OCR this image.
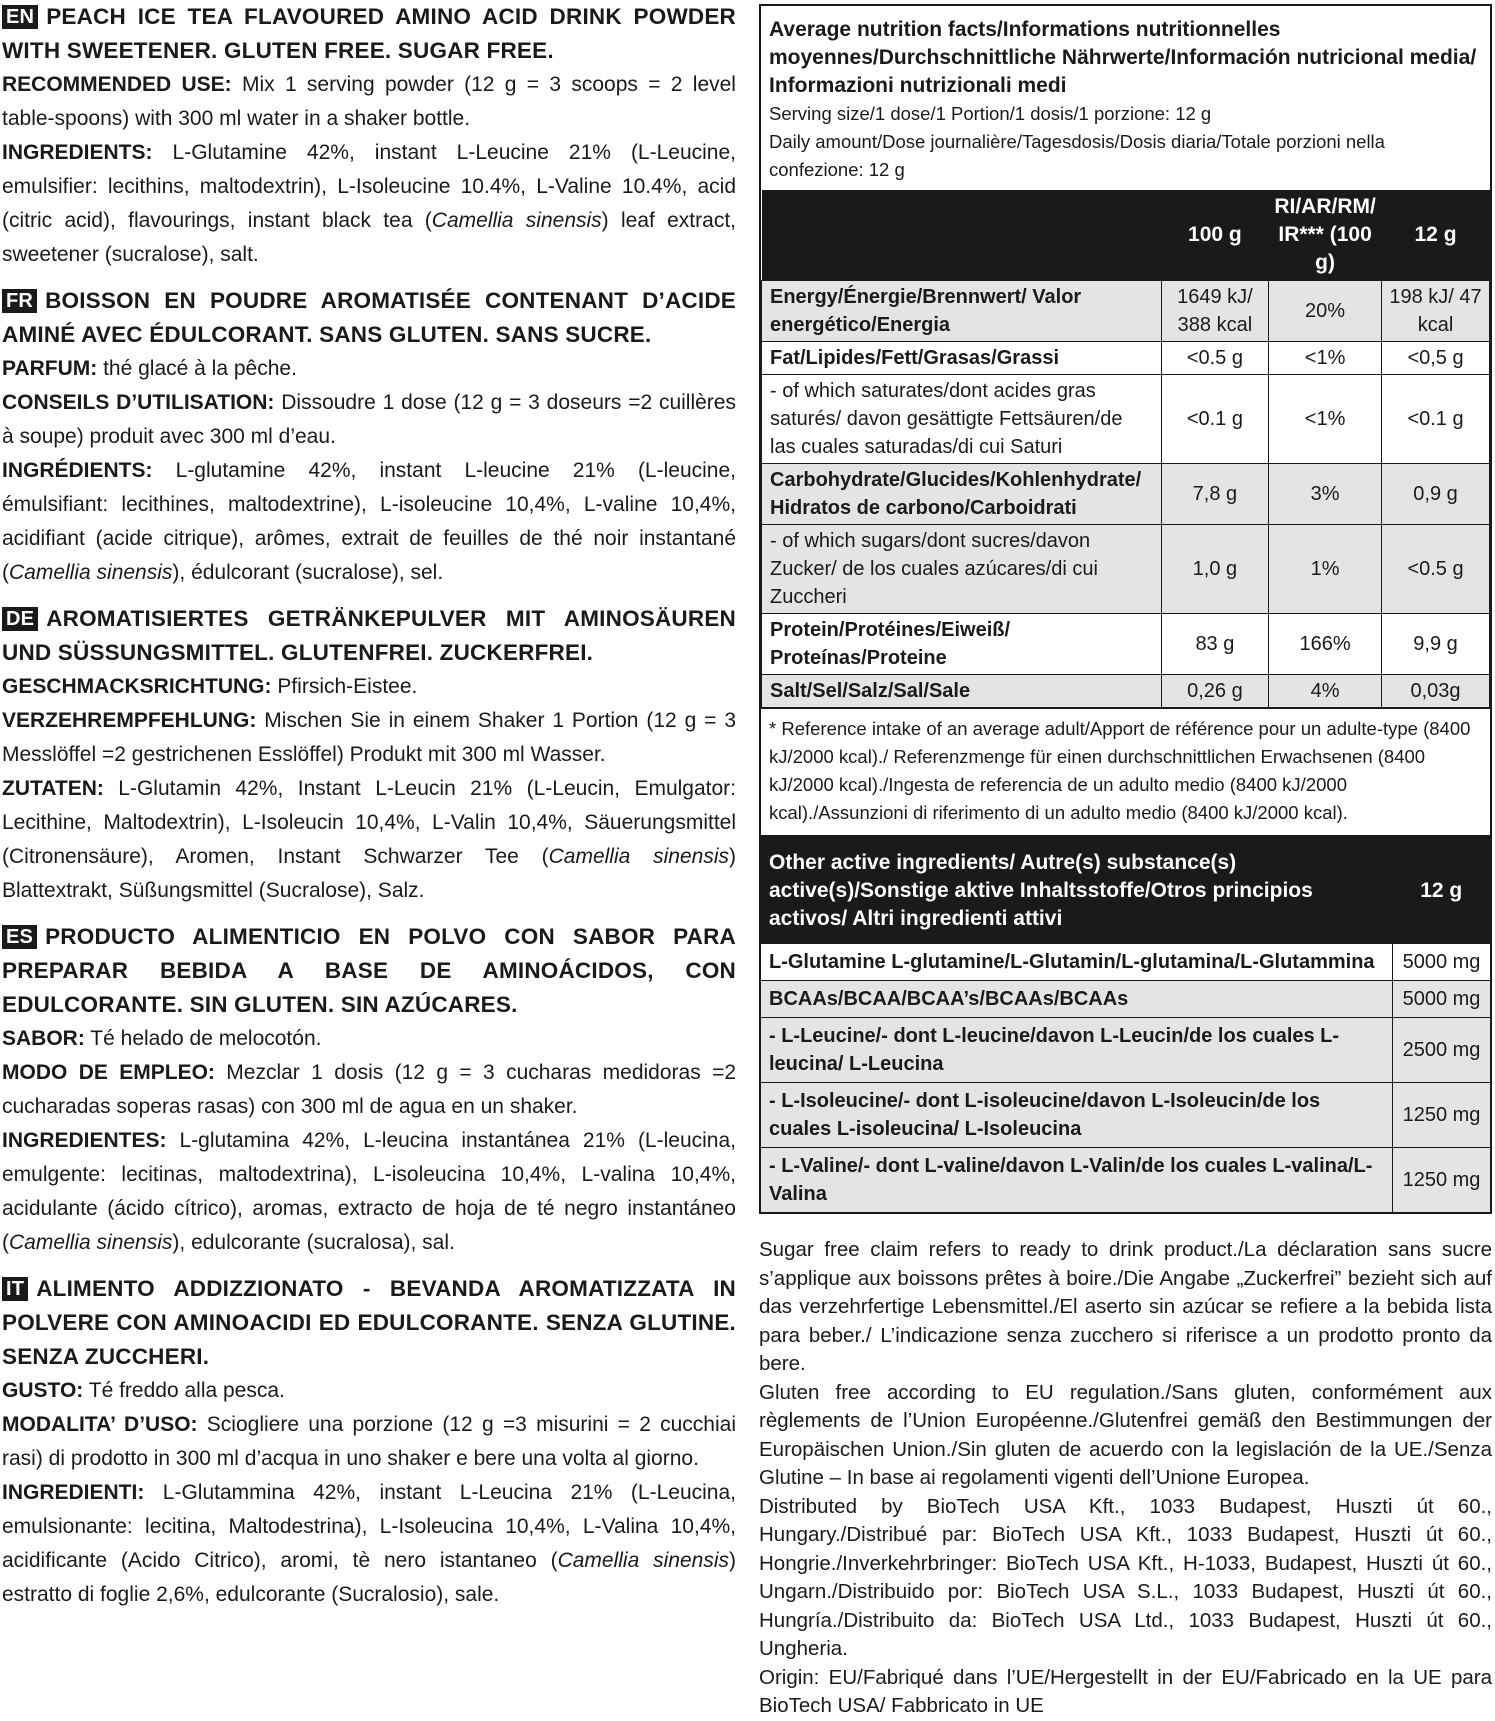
EN PEACH ICE TEA FLAVOURED AMINO ACID DRINK POWDER WITH SWEETENER. GLUTEN FREE. SUGAR FREE.
RECOMMENDED USE: Mix 1 serving powder (12 g = 3 scoops = 2 level table-spoons) with 300 ml water in a shaker bottle.
INGREDIENTS: L-Glutamine 42%, instant L-Leucine 21% (L-Leucine, emulsifier: lecithins, maltodextrin), L-Isoleucine 10.4%, L-Valine 10.4%, acid (citric acid), flavourings, instant black tea (Camellia sinensis) leaf extract, sweetener (sucralose), salt.
FR BOISSON EN POUDRE AROMATISÉE CONTENANT D’ACIDE AMINÉ AVEC ÉDULCORANT. SANS GLUTEN. SANS SUCRE.
PARFUM: thé glacé à la pêche.
CONSEILS D’UTILISATION: Dissoudre 1 dose (12 g = 3 doseurs =2 cuillères à soupe) produit avec 300 ml d’eau.
INGRÉDIENTS: L-glutamine 42%, instant L-leucine 21% (L-leucine, émulsifiant: lecithines, maltodextrine), L-isoleucine 10,4%, L-valine 10,4%, acidifiant (acide citrique), arômes, extrait de feuilles de thé noir instantané (Camellia sinensis), édulcorant (sucralose), sel.
DE AROMATISIERTES GETRÄNKEPULVER MIT AMINOSÄUREN UND SÜSSUNGSMITTEL. GLUTENFREI. ZUCKERFREI.
GESCHMACKSRICHTUNG: Pfirsich-Eistee.
VERZEHREMPFEHLUNG: Mischen Sie in einem Shaker 1 Portion (12 g = 3 Messlöffel =2 gestrichenen Esslöffel) Produkt mit 300 ml Wasser.
ZUTATEN: L-Glutamin 42%, Instant L-Leucin 21% (L-Leucin, Emulgator: Lecithine, Maltodextrin), L-Isoleucin 10,4%, L-Valin 10,4%, Säuerungsmittel (Citronensäure), Aromen, Instant Schwarzer Tee (Camellia sinensis) Blattextrakt, Süßungsmittel (Sucralose), Salz.
ES PRODUCTO ALIMENTICIO EN POLVO CON SABOR PARA PREPARAR BEBIDA A BASE DE AMINOÁCIDOS, CON EDULCORANTE. SIN GLUTEN. SIN AZÚCARES.
SABOR: Té helado de melocotón.
MODO DE EMPLEO: Mezclar 1 dosis (12 g = 3 cucharas medidoras =2 cucharadas soperas rasas) con 300 ml de agua en un shaker.
INGREDIENTES: L-glutamina 42%, L-leucina instantánea 21% (L-leucina, emulgente: lecitinas, maltodextrina), L-isoleucina 10,4%, L-valina 10,4%, acidulante (ácido cítrico), aromas, extracto de hoja de té negro instantáneo (Camellia sinensis), edulcorante (sucralosa), sal.
IT ALIMENTO ADDIZZIONATO - BEVANDA AROMATIZZATA IN POLVERE CON AMINOACIDI ED EDULCORANTE. SENZA GLUTINE. SENZA ZUCCHERI.
GUSTO: Té freddo alla pesca.
MODALITA’ D’USO: Sciogliere una porzione (12 g =3 misurini = 2 cucchiai rasi) di prodotto in 300 ml d’acqua in uno shaker e bere una volta al giorno.
INGREDIENTI: L-Glutammina 42%, instant L-Leucina 21% (L-Leucina, emulsionante: lecitina, Maltodestrina), L-Isoleucina 10,4%, L-Valina 10,4%, acidificante (Acido Citrico), aromi, tè nero istantaneo (Camellia sinensis) estratto di foglie 2,6%, edulcorante (Sucralosio), sale.
Average nutrition facts/Informations nutritionnelles moyennes/Durchschnittliche Nährwerte/Información nutricional media/ Informazioni nutrizionali medi
Serving size/1 dose/1 Portion/1 dosis/1 porzione: 12 g
Daily amount/Dose journalière/Tagesdosis/Dosis diaria/Totale porzioni nella confezione: 12 g
	100 g	RI/AR/RM/ IR*** (100 g)	12 g
Energy/Énergie/Brennwert/ Valor energético/Energia	1649 kJ/ 388 kcal	20%	198 kJ/ 47 kcal
Fat/Lipides/Fett/Grasas/Grassi	<0.5 g	<1%	<0,5 g
- of which saturates/dont acides gras saturés/ davon gesättigte Fettsäuren/de las cuales saturadas/di cui Saturi	<0.1 g	<1%	<0.1 g
Carbohydrate/Glucides/Kohlenhydrate/ Hidratos de carbono/Carboidrati	7,8 g	3%	0,9 g
- of which sugars/dont sucres/davon Zucker/ de los cuales azúcares/di cui Zuccheri	1,0 g	1%	<0.5 g
Protein/Protéines/Eiweiß/ Proteínas/Proteine	83 g	166%	9,9 g
Salt/Sel/Salz/Sal/Sale	0,26 g	4%	0,03g
* Reference intake of an average adult/Apport de référence pour un adulte-type (8400 kJ/2000 kcal)./ Referenzmenge für einen durchschnittlichen Erwachsenen (8400 kJ/2000 kcal)./Ingesta de referencia de un adulto medio (8400 kJ/2000 kcal)./Assunzioni di riferimento di un adulto medio (8400 kJ/2000 kcal).
Other active ingredients/ Autre(s) substance(s) active(s)/Sonstige aktive Inhaltsstoffe/Otros principios activos/ Altri ingredienti attivi	12 g
L-Glutamine L-glutamine/L-Glutamin/L-glutamina/L-Glutammina	5000 mg
BCAAs/BCAA/BCAA’s/BCAAs/BCAAs	5000 mg
- L-Leucine/- dont L-leucine/davon L-Leucin/de los cuales L-leucina/ L-Leucina	2500 mg
- L-Isoleucine/- dont L-isoleucine/davon L-Isoleucin/de los cuales L-isoleucina/ L-Isoleucina	1250 mg
- L-Valine/- dont L-valine/davon L-Valin/de los cuales L-valina/L-Valina	1250 mg

Sugar free claim refers to ready to drink product./La déclaration sans sucre s’applique aux boissons prêtes à boire./Die Angabe „Zuckerfrei” bezieht sich auf das verzehrfertige Lebensmittel./El aserto sin azúcar se refiere a la bebida lista para beber./ L’indicazione senza zucchero si riferisce a un prodotto pronto da bere.

Gluten free according to EU regulation./Sans gluten, conformément aux règlements de l’Union Européenne./Glutenfrei gemäß den Bestimmungen der Europäischen Union./Sin gluten de acuerdo con la legislación de la UE./Senza Glutine – In base ai regolamenti vigenti dell’Unione Europea.

Distributed by BioTech USA Kft., 1033 Budapest, Huszti út 60., Hungary./Distribué par: BioTech USA Kft., 1033 Budapest, Huszti út 60., Hongrie./Inverkehrbringer: BioTech USA Kft., H-1033, Budapest, Huszti út 60., Ungarn./Distribuido por: BioTech USA S.L., 1033 Budapest, Huszti út 60., Hungría./Distribuito da: BioTech USA Ltd., 1033 Budapest, Huszti út 60., Ungheria.

Origin: EU/Fabriqué dans l’UE/Hergestellt in der EU/Fabricado en la UE para BioTech USA/ Fabbricato in UE
